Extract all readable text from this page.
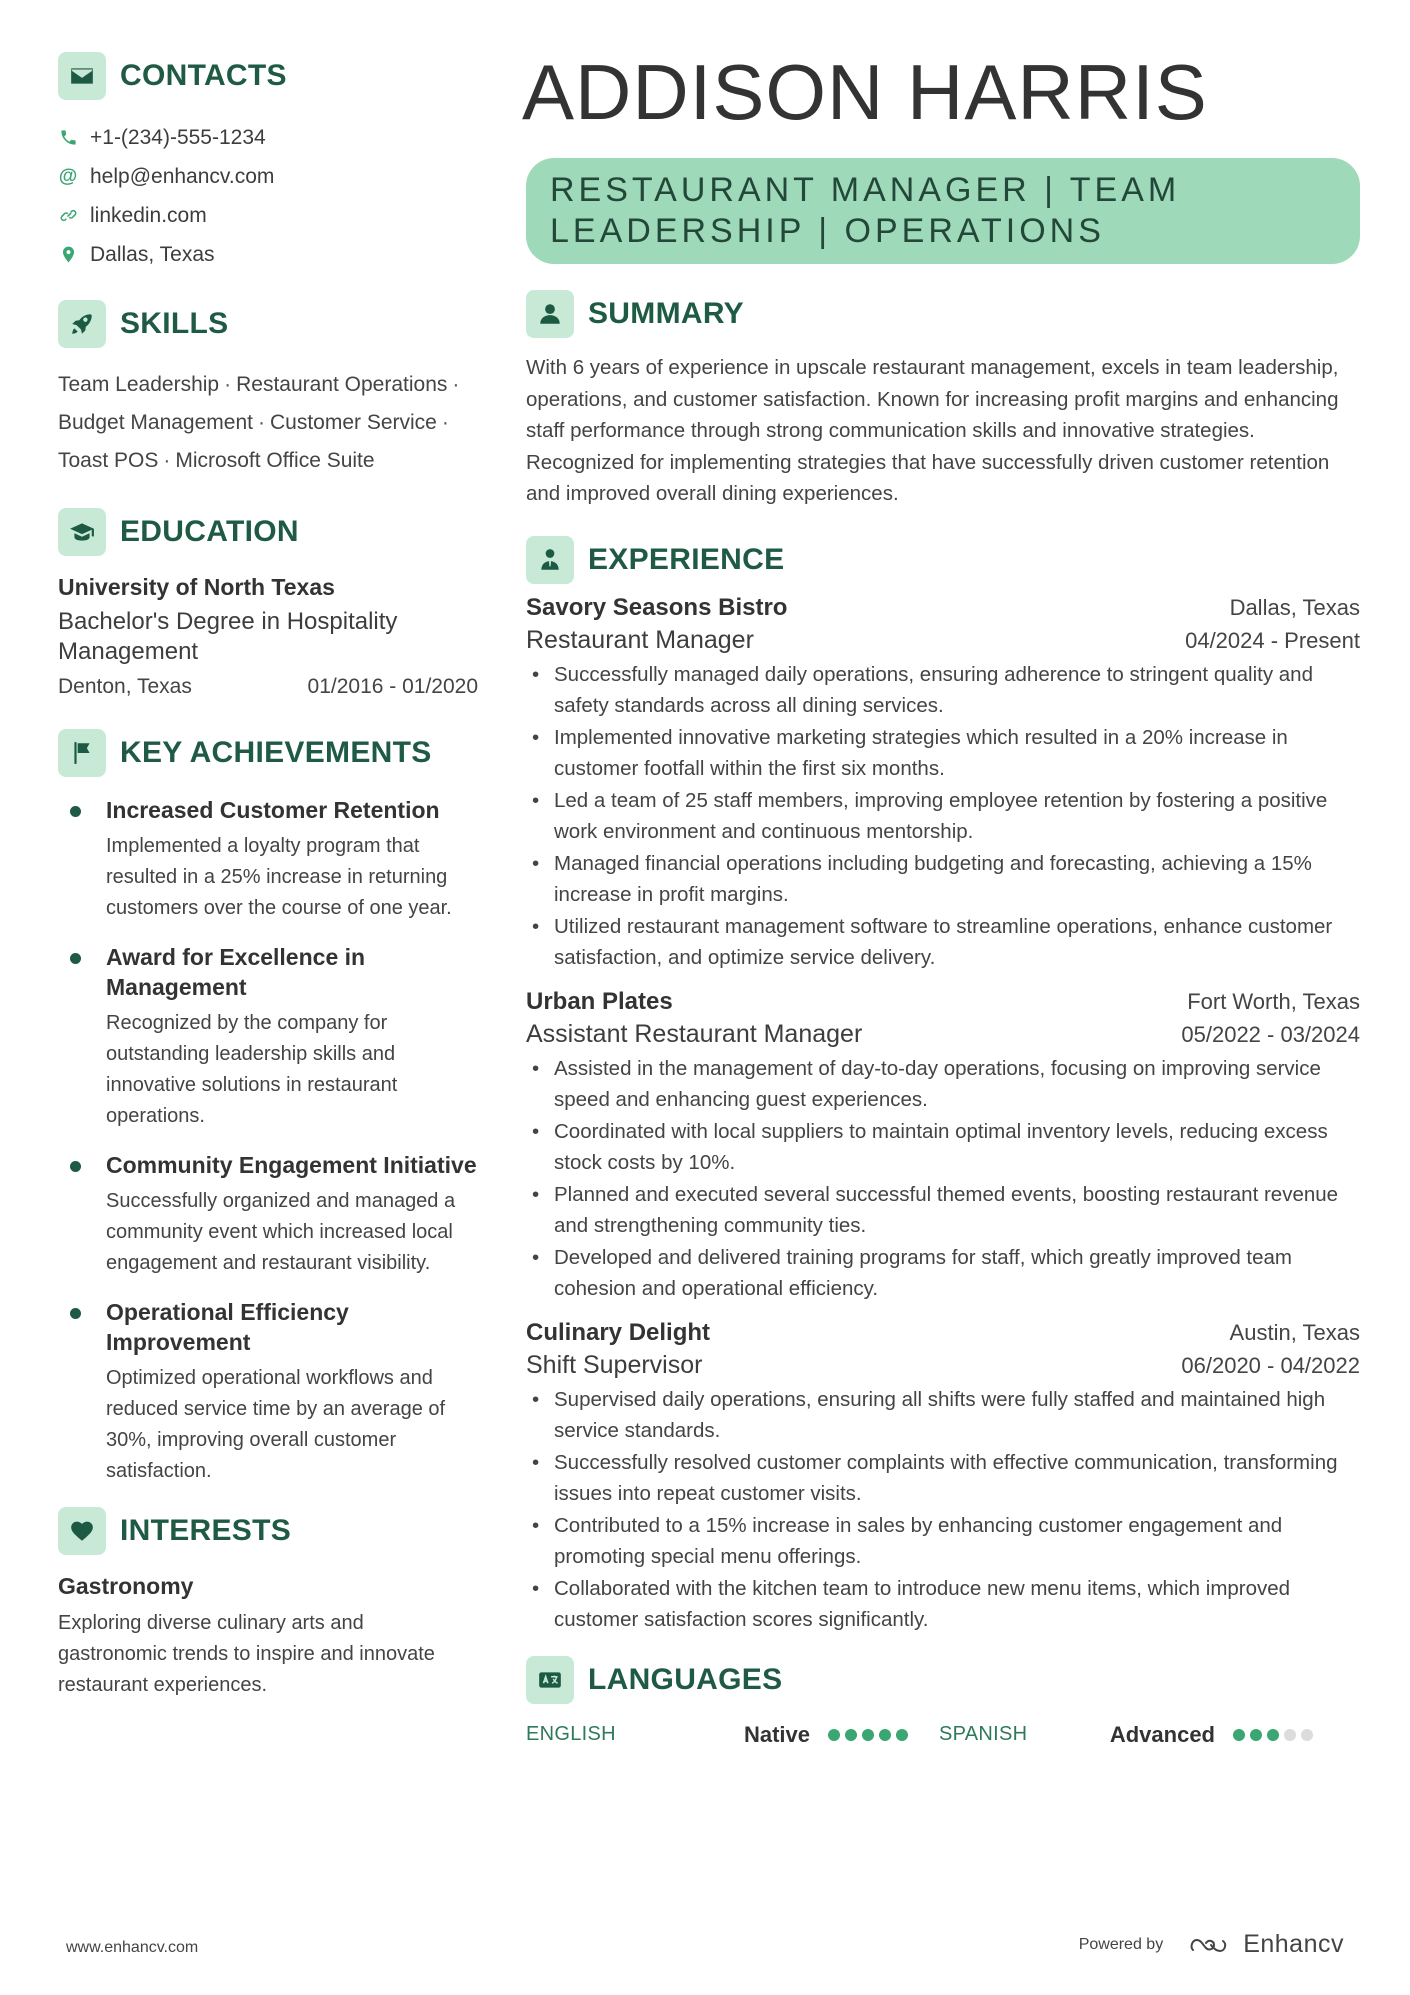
CONTACTS
+1-(234)-555-1234
@ help@enhancv.com
linkedin.com
Dallas, Texas
SKILLS
Team Leadership · Restaurant Operations ·
Budget Management · Customer Service ·
Toast POS · Microsoft Office Suite
EDUCATION
University of North Texas
Bachelor's Degree in Hospitality Management
Denton, Texas	01/2016 - 01/2020
KEY ACHIEVEMENTS
Increased Customer Retention
Implemented a loyalty program that resulted in a 25% increase in returning customers over the course of one year.
Award for Excellence in Management
Recognized by the company for outstanding leadership skills and innovative solutions in restaurant operations.
Community Engagement Initiative
Successfully organized and managed a community event which increased local engagement and restaurant visibility.
Operational Efficiency Improvement
Optimized operational workflows and reduced service time by an average of 30%, improving overall customer satisfaction.
INTERESTS
Gastronomy
Exploring diverse culinary arts and gastronomic trends to inspire and innovate restaurant experiences.
ADDISON HARRIS
RESTAURANT MANAGER | TEAM
LEADERSHIP | OPERATIONS
SUMMARY
With 6 years of experience in upscale restaurant management, excels in team leadership, operations, and customer satisfaction. Known for increasing profit margins and enhancing staff performance through strong communication skills and innovative strategies. Recognized for implementing strategies that have successfully driven customer retention and improved overall dining experiences.
EXPERIENCE
Savory Seasons Bistro	Dallas, Texas
Restaurant Manager	04/2024 - Present
• Successfully managed daily operations, ensuring adherence to stringent quality and safety standards across all dining services.
• Implemented innovative marketing strategies which resulted in a 20% increase in customer footfall within the first six months.
• Led a team of 25 staff members, improving employee retention by fostering a positive work environment and continuous mentorship.
• Managed financial operations including budgeting and forecasting, achieving a 15% increase in profit margins.
• Utilized restaurant management software to streamline operations, enhance customer satisfaction, and optimize service delivery.
Urban Plates	Fort Worth, Texas
Assistant Restaurant Manager	05/2022 - 03/2024
• Assisted in the management of day-to-day operations, focusing on improving service speed and enhancing guest experiences.
• Coordinated with local suppliers to maintain optimal inventory levels, reducing excess stock costs by 10%.
• Planned and executed several successful themed events, boosting restaurant revenue and strengthening community ties.
• Developed and delivered training programs for staff, which greatly improved team cohesion and operational efficiency.
Culinary Delight	Austin, Texas
Shift Supervisor	06/2020 - 04/2022
• Supervised daily operations, ensuring all shifts were fully staffed and maintained high service standards.
• Successfully resolved customer complaints with effective communication, transforming issues into repeat customer visits.
• Contributed to a 15% increase in sales by enhancing customer engagement and promoting special menu offerings.
• Collaborated with the kitchen team to introduce new menu items, which improved customer satisfaction scores significantly.
LANGUAGES
ENGLISH	Native	SPANISH	Advanced
www.enhancv.com	Powered by	Enhancv
